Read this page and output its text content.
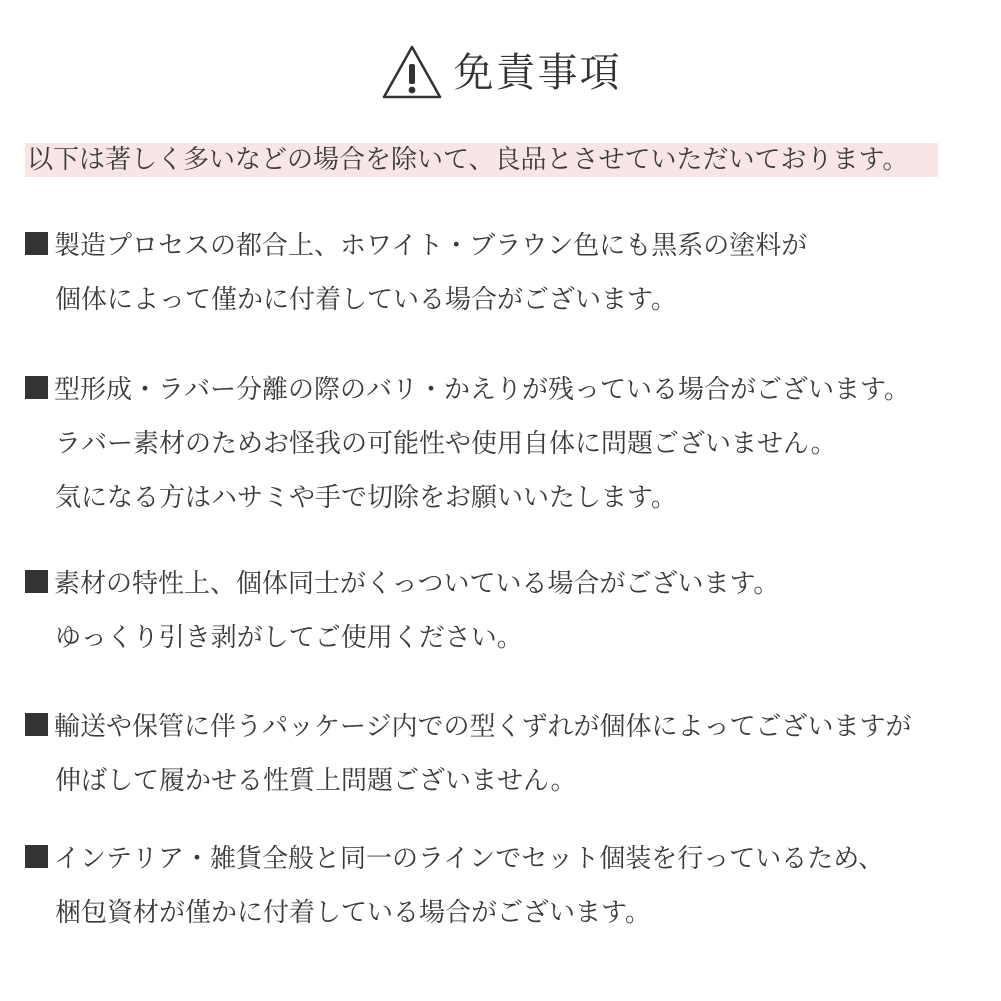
免責事項
以下は著しく多いなどの場合を除いて、良品とさせていただいております。
製造プロセスの都合上、ホワイト・ブラウン色にも黒系の塗料が
個体によって僅かに付着している場合がございます。
型形成・ラバー分離の際のバリ・かえりが残っている場合がございます。
ラバー素材のためお怪我の可能性や使用自体に問題ございません。
気になる方はハサミや手で切除をお願いいたします。
素材の特性上、個体同士がくっついている場合がございます。
ゆっくり引き剥がしてご使用ください。
輸送や保管に伴うパッケージ内での型くずれが個体によってございますが
伸ばして履かせる性質上問題ございません。
インテリア・雑貨全般と同一のラインでセット個装を行っているため、
梱包資材が僅かに付着している場合がございます。
